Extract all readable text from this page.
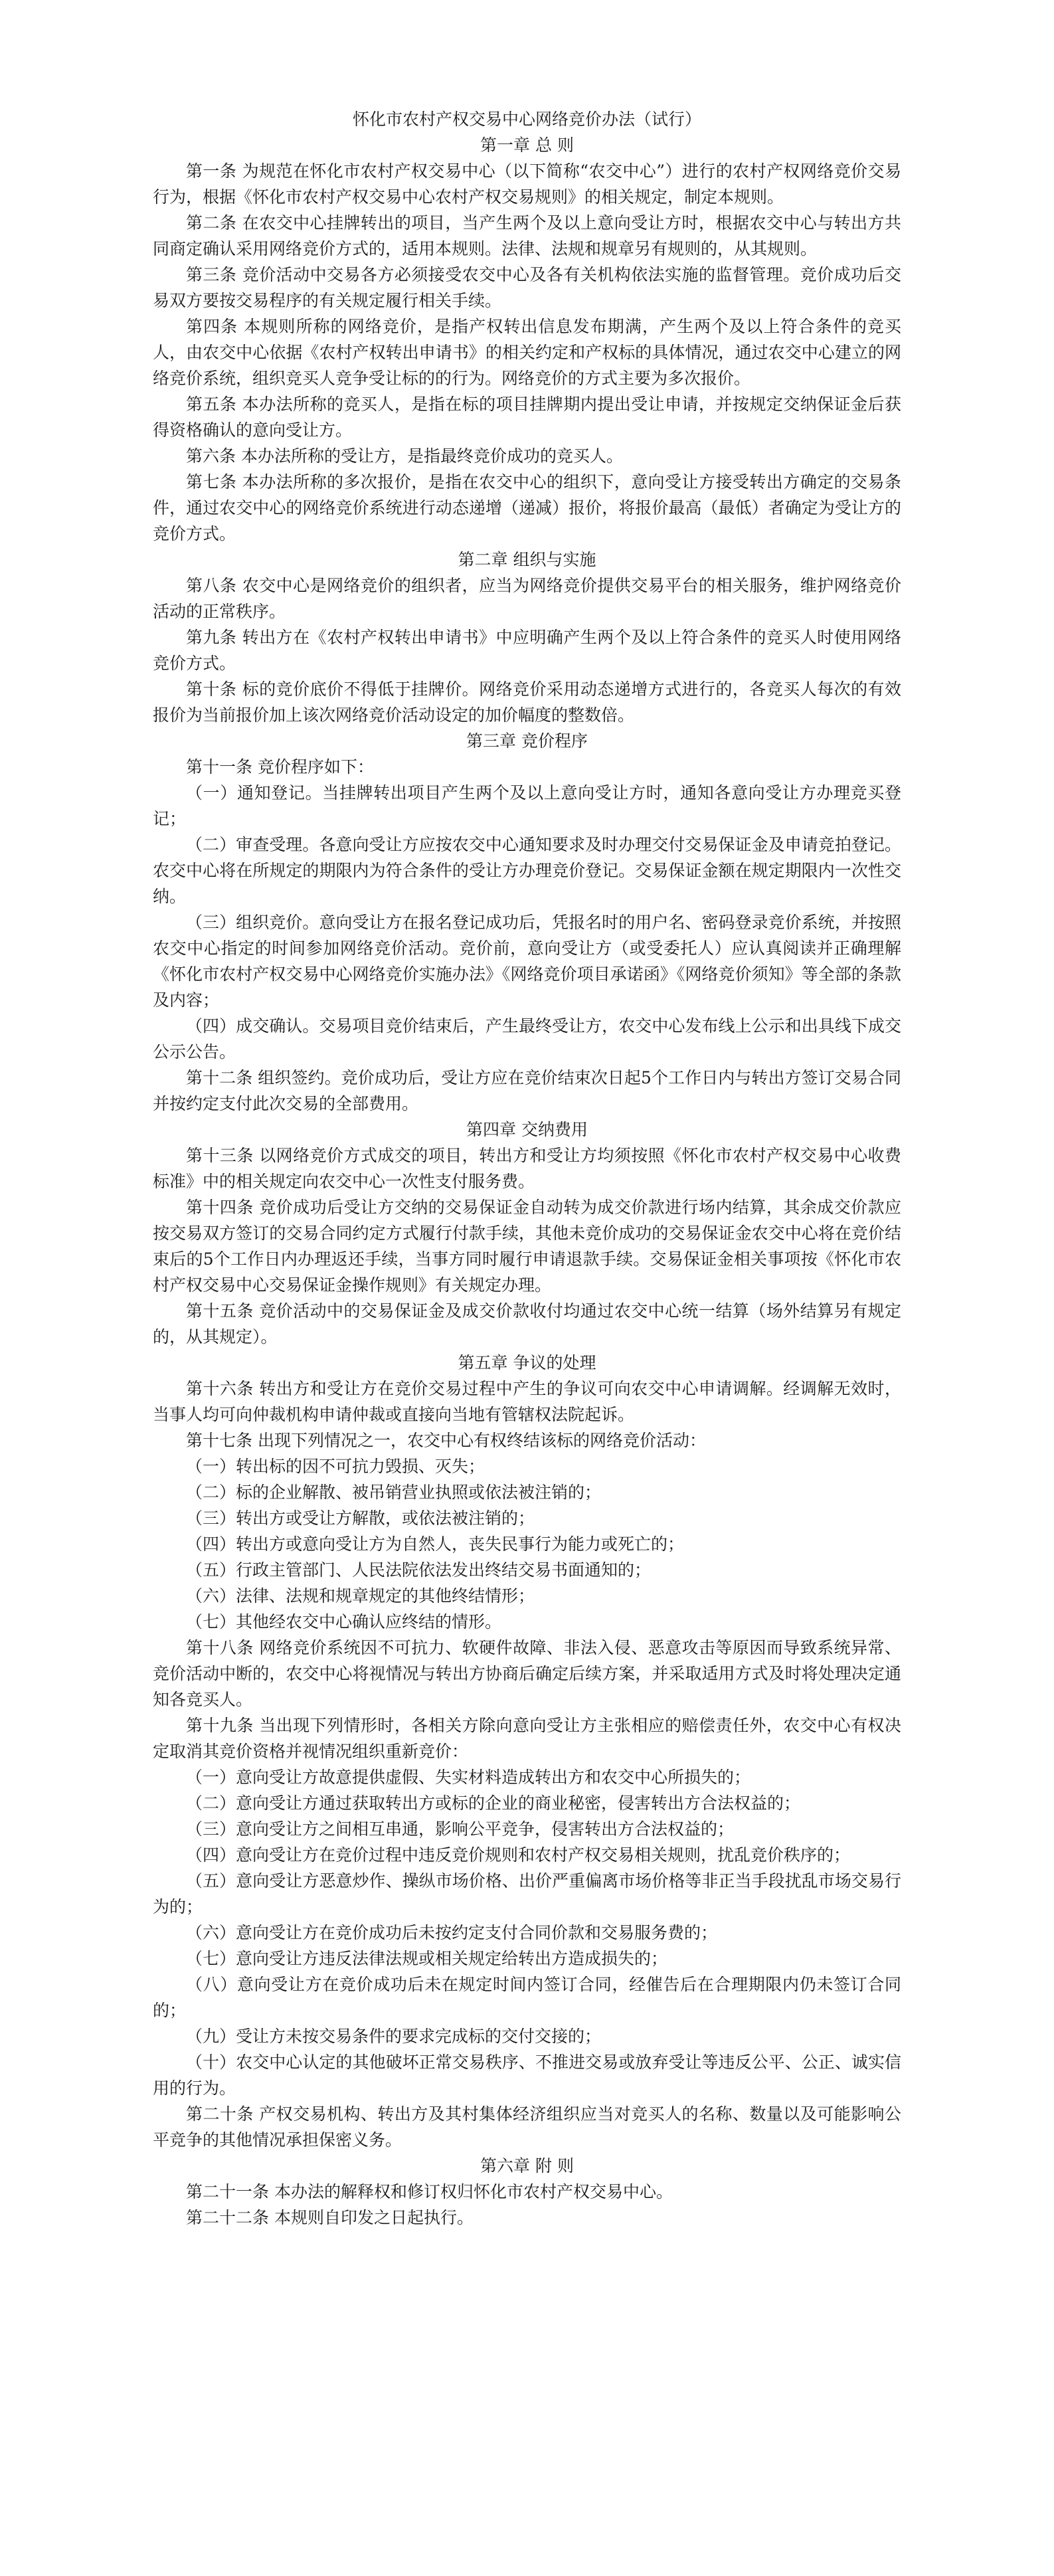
怀化市农村产权交易中心网络竞价办法（试行）
第一章 总 则

第一条 为规范在怀化市农村产权交易中心（以下简称“农交中心”）进行的农村产权网络竞价交易行为，根据《怀化市农村产权交易中心农村产权交易规则》的相关规定，制定本规则。

第二条 在农交中心挂牌转出的项目，当产生两个及以上意向受让方时，根据农交中心与转出方共同商定确认采用网络竞价方式的，适用本规则。法律、法规和规章另有规则的，从其规则。

第三条 竞价活动中交易各方必须接受农交中心及各有关机构依法实施的监督管理。竞价成功后交易双方要按交易程序的有关规定履行相关手续。

第四条 本规则所称的网络竞价，是指产权转出信息发布期满，产生两个及以上符合条件的竞买人，由农交中心依据《农村产权转出申请书》的相关约定和产权标的具体情况，通过农交中心建立的网络竞价系统，组织竞买人竞争受让标的的行为。网络竞价的方式主要为多次报价。

第五条 本办法所称的竞买人，是指在标的项目挂牌期内提出受让申请，并按规定交纳保证金后获得资格确认的意向受让方。

第六条 本办法所称的受让方，是指最终竞价成功的竞买人。

第七条 本办法所称的多次报价，是指在农交中心的组织下，意向受让方接受转出方确定的交易条件，通过农交中心的网络竞价系统进行动态递增（递减）报价，将报价最高（最低）者确定为受让方的竞价方式。

第二章 组织与实施

第八条 农交中心是网络竞价的组织者，应当为网络竞价提供交易平台的相关服务，维护网络竞价活动的正常秩序。

第九条 转出方在《农村产权转出申请书》中应明确产生两个及以上符合条件的竞买人时使用网络竞价方式。

第十条 标的竞价底价不得低于挂牌价。网络竞价采用动态递增方式进行的，各竞买人每次的有效报价为当前报价加上该次网络竞价活动设定的加价幅度的整数倍。

第三章 竞价程序

第十一条 竞价程序如下：

（一）通知登记。当挂牌转出项目产生两个及以上意向受让方时，通知各意向受让方办理竞买登记；

（二）审查受理。各意向受让方应按农交中心通知要求及时办理交付交易保证金及申请竞拍登记。农交中心将在所规定的期限内为符合条件的受让方办理竞价登记。交易保证金额在规定期限内一次性交纳。

（三）组织竞价。意向受让方在报名登记成功后，凭报名时的用户名、密码登录竞价系统，并按照农交中心指定的时间参加网络竞价活动。竞价前，意向受让方（或受委托人）应认真阅读并正确理解《怀化市农村产权交易中心网络竞价实施办法》《网络竞价项目承诺函》《网络竞价须知》等全部的条款及内容；

（四）成交确认。交易项目竞价结束后，产生最终受让方，农交中心发布线上公示和出具线下成交公示公告。

第十二条 组织签约。竞价成功后，受让方应在竞价结束次日起5个工作日内与转出方签订交易合同并按约定支付此次交易的全部费用。

第四章 交纳费用

第十三条 以网络竞价方式成交的项目，转出方和受让方均须按照《怀化市农村产权交易中心收费标准》中的相关规定向农交中心一次性支付服务费。

第十四条 竞价成功后受让方交纳的交易保证金自动转为成交价款进行场内结算，其余成交价款应按交易双方签订的交易合同约定方式履行付款手续，其他未竞价成功的交易保证金农交中心将在竞价结束后的5个工作日内办理返还手续，当事方同时履行申请退款手续。交易保证金相关事项按《怀化市农村产权交易中心交易保证金操作规则》有关规定办理。

第十五条 竞价活动中的交易保证金及成交价款收付均通过农交中心统一结算（场外结算另有规定的，从其规定）。

第五章 争议的处理

第十六条 转出方和受让方在竞价交易过程中产生的争议可向农交中心申请调解。经调解无效时，当事人均可向仲裁机构申请仲裁或直接向当地有管辖权法院起诉。

第十七条 出现下列情况之一，农交中心有权终结该标的网络竞价活动：

（一）转出标的因不可抗力毁损、灭失；

（二）标的企业解散、被吊销营业执照或依法被注销的；

（三）转出方或受让方解散，或依法被注销的；

（四）转出方或意向受让方为自然人，丧失民事行为能力或死亡的；

（五）行政主管部门、人民法院依法发出终结交易书面通知的；

（六）法律、法规和规章规定的其他终结情形；

（七）其他经农交中心确认应终结的情形。

第十八条 网络竞价系统因不可抗力、软硬件故障、非法入侵、恶意攻击等原因而导致系统异常、竞价活动中断的，农交中心将视情况与转出方协商后确定后续方案，并采取适用方式及时将处理决定通知各竞买人。

第十九条 当出现下列情形时，各相关方除向意向受让方主张相应的赔偿责任外，农交中心有权决定取消其竞价资格并视情况组织重新竞价：

（一）意向受让方故意提供虚假、失实材料造成转出方和农交中心所损失的；

（二）意向受让方通过获取转出方或标的企业的商业秘密，侵害转出方合法权益的；

（三）意向受让方之间相互串通，影响公平竞争，侵害转出方合法权益的；

（四）意向受让方在竞价过程中违反竞价规则和农村产权交易相关规则，扰乱竞价秩序的；

（五）意向受让方恶意炒作、操纵市场价格、出价严重偏离市场价格等非正当手段扰乱市场交易行为的；

（六）意向受让方在竞价成功后未按约定支付合同价款和交易服务费的；

（七）意向受让方违反法律法规或相关规定给转出方造成损失的；

（八）意向受让方在竞价成功后未在规定时间内签订合同，经催告后在合理期限内仍未签订合同的；

（九）受让方未按交易条件的要求完成标的交付交接的；

（十）农交中心认定的其他破坏正常交易秩序、不推进交易或放弃受让等违反公平、公正、诚实信用的行为。

第二十条 产权交易机构、转出方及其村集体经济组织应当对竞买人的名称、数量以及可能影响公平竞争的其他情况承担保密义务。

第六章 附 则

第二十一条 本办法的解释权和修订权归怀化市农村产权交易中心。

第二十二条 本规则自印发之日起执行。
